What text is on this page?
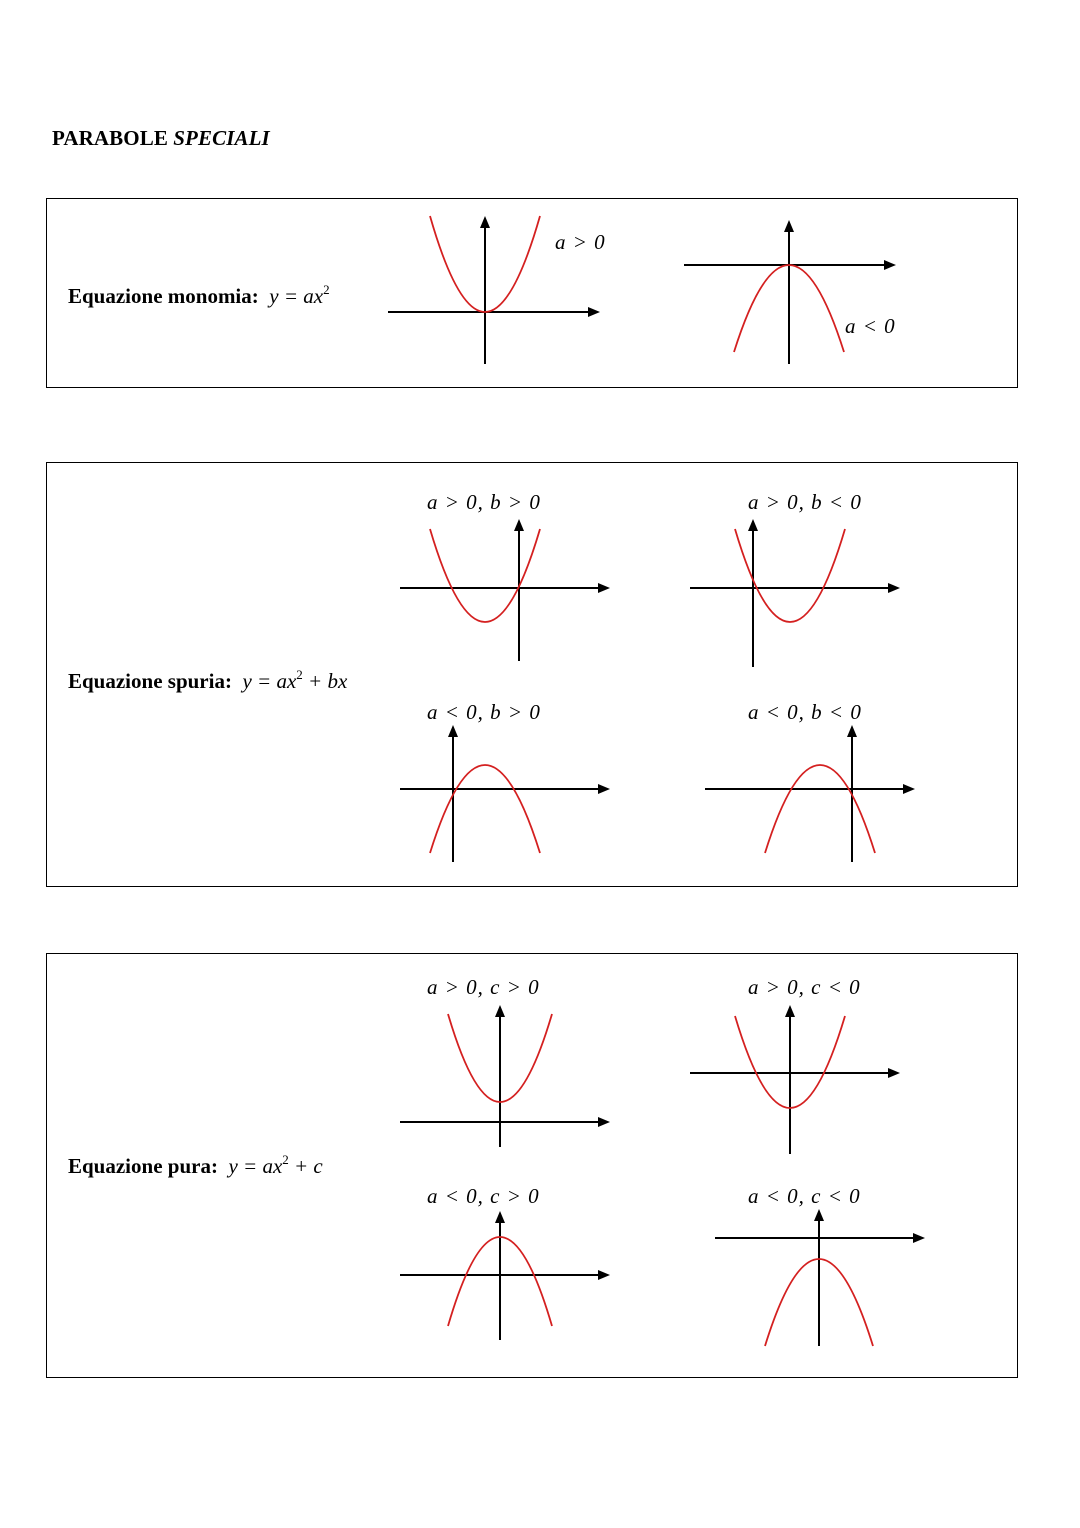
PARABOLE SPECIALI
Equazione monomia: $y = ax^2$
a > 0
a < 0
Equazione spuria: $y = ax^2$ + bx
a > 0, b > 0	a > 0, b < 0
a < 0, b > 0	a < 0, b < 0
Equazione pura: $y = ax^2 + c$
a > 0, c > 0	a > 0, c < 0
a < 0, c > 0	a < 0, c < 0
